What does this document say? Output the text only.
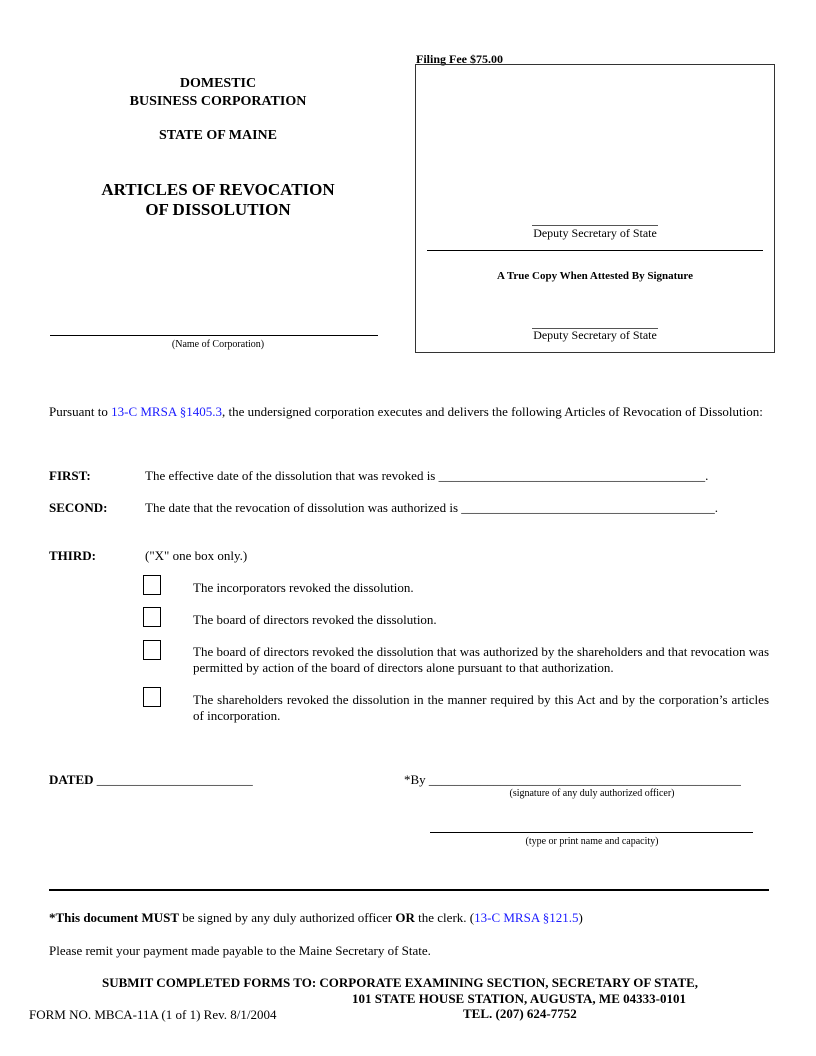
DOMESTIC
BUSINESS CORPORATION
STATE OF MAINE
ARTICLES OF REVOCATION
OF DISSOLUTION
(Name of Corporation)
Filing Fee $75.00
Deputy Secretary of State
A True Copy When Attested By Signature
Deputy Secretary of State
Pursuant to 13-C MRSA §1405.3, the undersigned corporation executes and delivers the following Articles of Revocation of Dissolution:
FIRST:	The effective date of the dissolution that was revoked is _________________________________________.
SECOND:	The date that the revocation of dissolution was authorized is _______________________________________.
THIRD:	("X" one box only.)
The incorporators revoked the dissolution.
The board of directors revoked the dissolution.
The board of directors revoked the dissolution that was authorized by the shareholders and that revocation was permitted by action of the board of directors alone pursuant to that authorization.
The shareholders revoked the dissolution in the manner required by this Act and by the corporation’s articles of incorporation.
DATED ________________________	*By ________________________________________________
(signature of any duly authorized officer)
(type or print name and capacity)
*This document MUST be signed by any duly authorized officer OR the clerk. (13-C MRSA §121.5)
Please remit your payment made payable to the Maine Secretary of State.
SUBMIT COMPLETED FORMS TO: CORPORATE EXAMINING SECTION, SECRETARY OF STATE,
101 STATE HOUSE STATION, AUGUSTA, ME 04333-0101
TEL. (207) 624-7752
FORM NO. MBCA-11A (1 of 1) Rev. 8/1/2004
